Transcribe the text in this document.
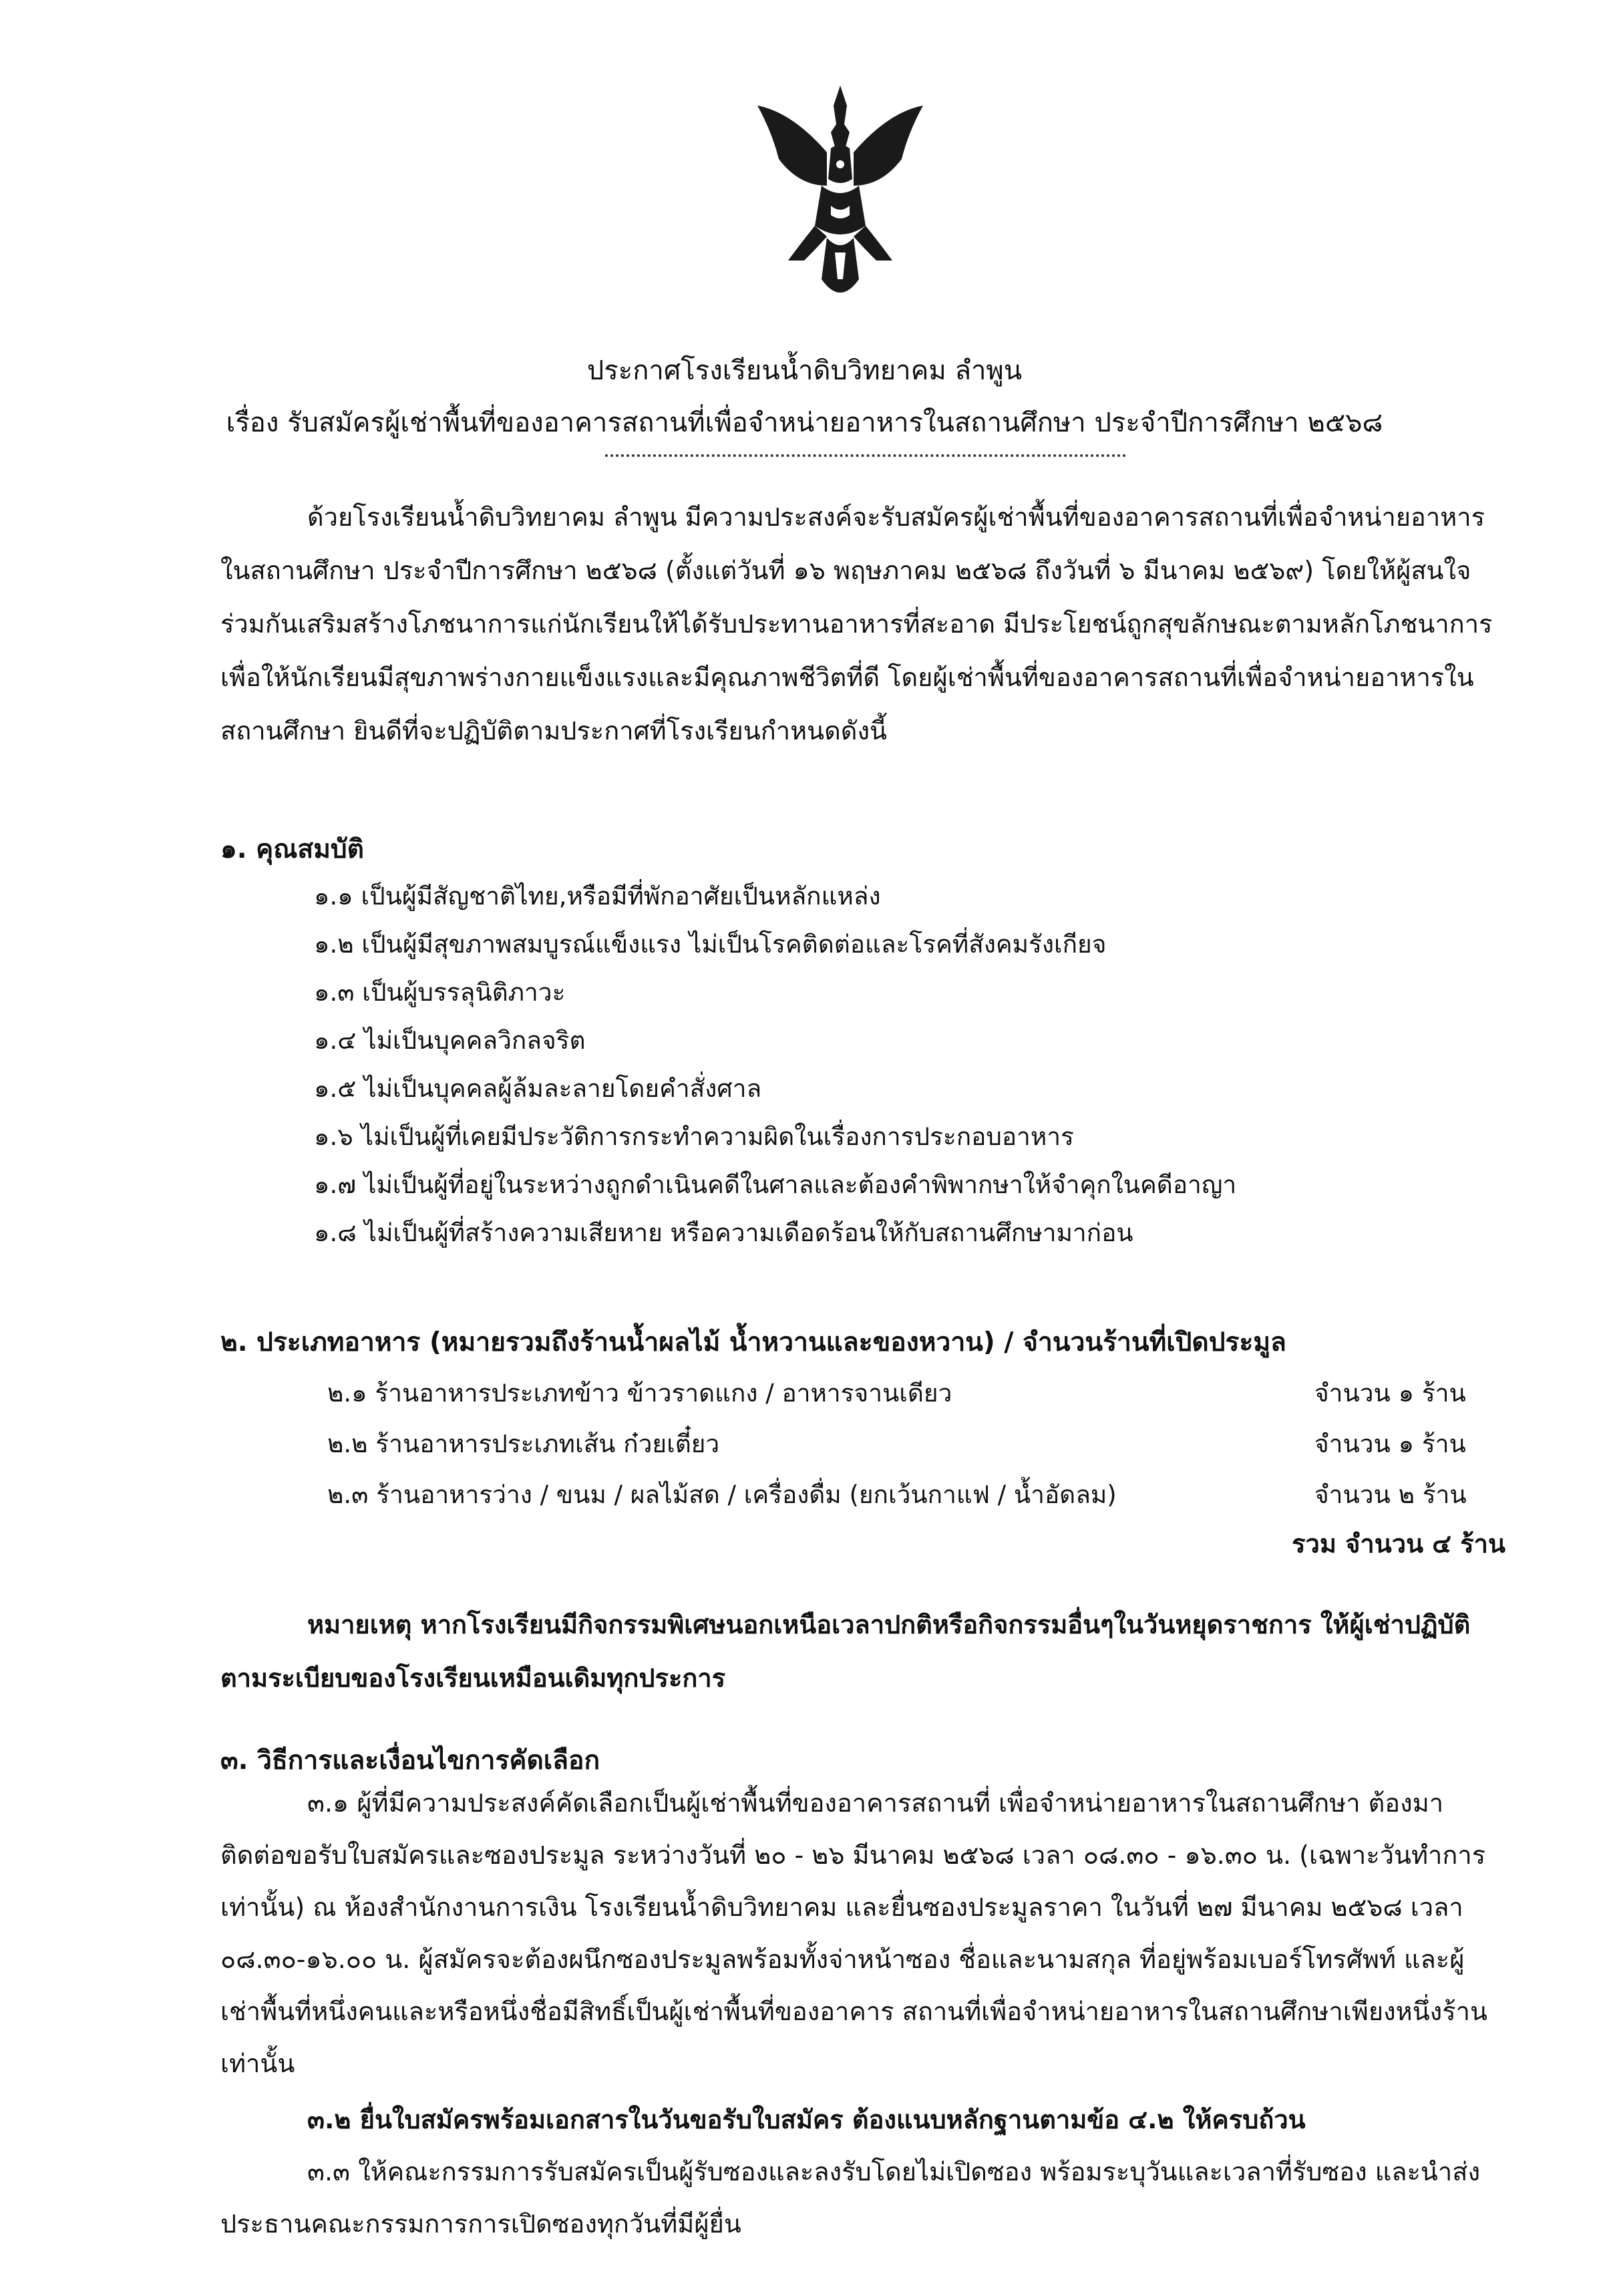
ประกาศโรงเรียนน้ำดิบวิทยาคม ลำพูน
เรื่อง รับสมัครผู้เช่าพื้นที่ของอาคารสถานที่เพื่อจำหน่ายอาหารในสถานศึกษา ประจำปีการศึกษา ๒๕๖๘

ด้วยโรงเรียนน้ำดิบวิทยาคม ลำพูน มีความประสงค์จะรับสมัครผู้เช่าพื้นที่ของอาคารสถานที่เพื่อจำหน่ายอาหารในสถานศึกษา ประจำปีการศึกษา ๒๕๖๘ (ตั้งแต่วันที่ ๑๖ พฤษภาคม ๒๕๖๘ ถึงวันที่ ๖ มีนาคม ๒๕๖๙) โดยให้ผู้สนใจร่วมกันเสริมสร้างโภชนาการแก่นักเรียนให้ได้รับประทานอาหารที่สะอาด มีประโยชน์ถูกสุขลักษณะตามหลักโภชนาการ เพื่อให้นักเรียนมีสุขภาพร่างกายแข็งแรงและมีคุณภาพชีวิตที่ดี โดยผู้เช่าพื้นที่ของอาคารสถานที่เพื่อจำหน่ายอาหารในสถานศึกษา ยินดีที่จะปฏิบัติตามประกาศที่โรงเรียนกำหนดดังนี้

๑. คุณสมบัติ
๑.๑ เป็นผู้มีสัญชาติไทย,หรือมีที่พักอาศัยเป็นหลักแหล่ง
๑.๒ เป็นผู้มีสุขภาพสมบูรณ์แข็งแรง ไม่เป็นโรคติดต่อและโรคที่สังคมรังเกียจ
๑.๓ เป็นผู้บรรลุนิติภาวะ
๑.๔ ไม่เป็นบุคคลวิกลจริต
๑.๕ ไม่เป็นบุคคลผู้ล้มละลายโดยคำสั่งศาล
๑.๖ ไม่เป็นผู้ที่เคยมีประวัติการกระทำความผิดในเรื่องการประกอบอาหาร
๑.๗ ไม่เป็นผู้ที่อยู่ในระหว่างถูกดำเนินคดีในศาลและต้องคำพิพากษาให้จำคุกในคดีอาญา
๑.๘ ไม่เป็นผู้ที่สร้างความเสียหาย หรือความเดือดร้อนให้กับสถานศึกษามาก่อน
๒. ประเภทอาหาร (หมายรวมถึงร้านน้ำผลไม้ น้ำหวานและของหวาน) / จำนวนร้านที่เปิดประมูล
๒.๑ ร้านอาหารประเภทข้าว ข้าวราดแกง / อาหารจานเดียว	จำนวน ๑ ร้าน
๒.๒ ร้านอาหารประเภทเส้น ก๋วยเตี๋ยว	จำนวน ๑ ร้าน
๒.๓ ร้านอาหารว่าง / ขนม / ผลไม้สด / เครื่องดื่ม (ยกเว้นกาแฟ / น้ำอัดลม)	จำนวน ๒ ร้าน
รวม จำนวน ๔ ร้าน

หมายเหตุ หากโรงเรียนมีกิจกรรมพิเศษนอกเหนือเวลาปกติหรือกิจกรรมอื่นๆในวันหยุดราชการ ให้ผู้เช่าปฏิบัติตามระเบียบของโรงเรียนเหมือนเดิมทุกประการ

๓. วิธีการและเงื่อนไขการคัดเลือก

๓.๑ ผู้ที่มีความประสงค์คัดเลือกเป็นผู้เช่าพื้นที่ของอาคารสถานที่ เพื่อจำหน่ายอาหารในสถานศึกษา ต้องมาติดต่อขอรับใบสมัครและซองประมูล ระหว่างวันที่ ๒๐ - ๒๖ มีนาคม ๒๕๖๘ เวลา ๐๘.๓๐ - ๑๖.๓๐ น. (เฉพาะวันทำการเท่านั้น) ณ ห้องสำนักงานการเงิน โรงเรียนน้ำดิบวิทยาคม และยื่นซองประมูลราคา ในวันที่ ๒๗ มีนาคม ๒๕๖๘ เวลา ๐๘.๓๐-๑๖.๐๐ น. ผู้สมัครจะต้องผนึกซองประมูลพร้อมทั้งจ่าหน้าซอง ชื่อและนามสกุล ที่อยู่พร้อมเบอร์โทรศัพท์ และผู้เช่าพื้นที่หนึ่งคนและหรือหนึ่งชื่อมีสิทธิ์เป็นผู้เช่าพื้นที่ของอาคาร สถานที่เพื่อจำหน่ายอาหารในสถานศึกษาเพียงหนึ่งร้านเท่านั้น

๓.๒ ยื่นใบสมัครพร้อมเอกสารในวันขอรับใบสมัคร ต้องแนบหลักฐานตามข้อ ๔.๒ ให้ครบถ้วน

๓.๓ ให้คณะกรรมการรับสมัครเป็นผู้รับซองและลงรับโดยไม่เปิดซอง พร้อมระบุวันและเวลาที่รับซอง และนำส่งประธานคณะกรรมการการเปิดซองทุกวันที่มีผู้ยื่น
